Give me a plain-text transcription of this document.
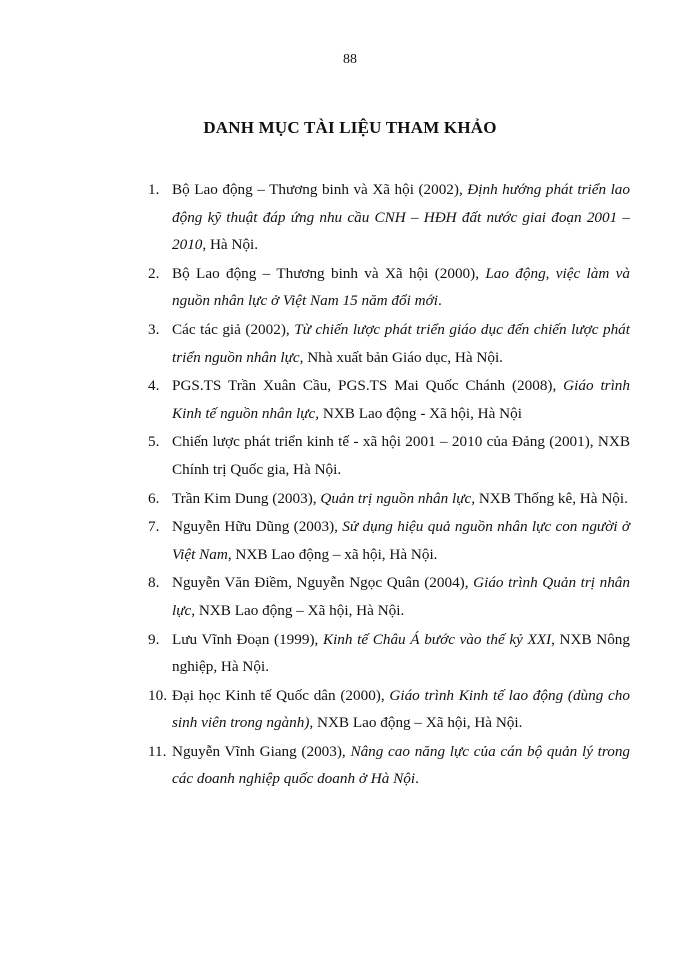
88
DANH MỤC TÀI LIỆU THAM KHẢO
1. Bộ Lao động – Thương binh và Xã hội (2002), Định hướng phát triển lao động kỹ thuật đáp ứng nhu cầu CNH – HĐH đất nước giai đoạn 2001 – 2010, Hà Nội.
2. Bộ Lao động – Thương binh và Xã hội (2000), Lao động, việc làm và nguồn nhân lực ở Việt Nam 15 năm đổi mới.
3. Các tác giả (2002), Từ chiến lược phát triển giáo dục đến chiến lược phát triển nguồn nhân lực, Nhà xuất bản Giáo dục, Hà Nội.
4. PGS.TS Trần Xuân Cầu, PGS.TS Mai Quốc Chánh (2008), Giáo trình Kinh tế nguồn nhân lực, NXB Lao động - Xã hội, Hà Nội
5. Chiến lược phát triển kinh tế - xã hội 2001 – 2010 của Đảng (2001), NXB Chính trị Quốc gia, Hà Nội.
6. Trần Kim Dung (2003), Quản trị nguồn nhân lực, NXB Thống kê, Hà Nội.
7. Nguyễn Hữu Dũng (2003), Sử dụng hiệu quả nguồn nhân lực con người ở Việt Nam, NXB Lao động – xã hội, Hà Nội.
8. Nguyễn Văn Điềm, Nguyễn Ngọc Quân (2004), Giáo trình Quản trị nhân lực, NXB Lao động – Xã hội, Hà Nội.
9. Lưu Vĩnh Đoạn (1999), Kinh tế Châu Á bước vào thế kỷ XXI, NXB Nông nghiệp, Hà Nội.
10. Đại học Kinh tế Quốc dân (2000), Giáo trình Kinh tế lao động (dùng cho sinh viên trong ngành), NXB Lao động – Xã hội, Hà Nội.
11. Nguyễn Vĩnh Giang (2003), Nâng cao năng lực của cán bộ quản lý trong các doanh nghiệp quốc doanh ở Hà Nội.
